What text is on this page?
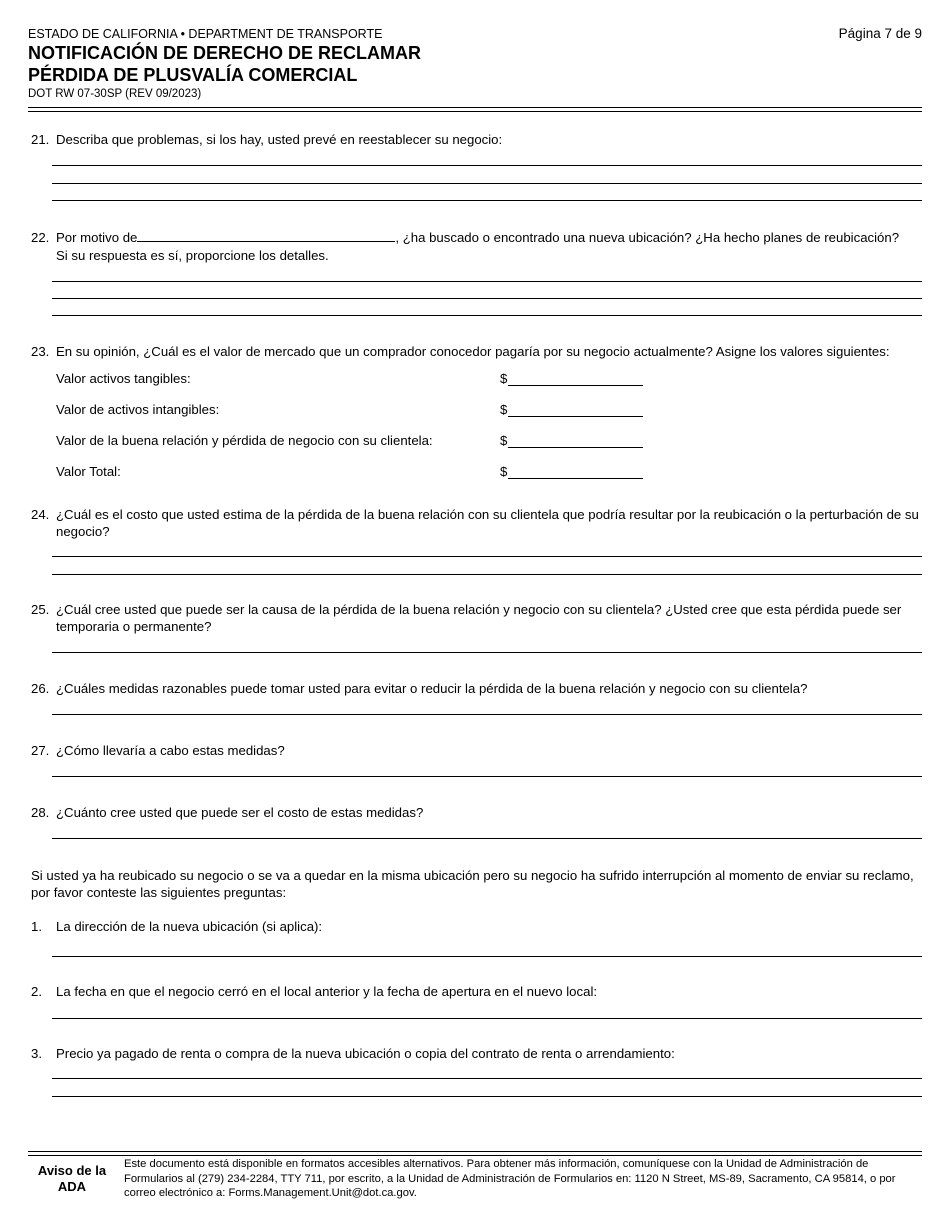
ESTADO DE CALIFORNIA • DEPARTMENT DE TRANSPORTE	Página 7 de 9
NOTIFICACIÓN DE DERECHO DE RECLAMAR
PÉRDIDA DE PLUSVALÍA COMERCIAL
DOT RW 07-30SP (REV 09/2023)
21. Describa que problemas, si los hay, usted prevé en reestablecer su negocio:
22. Por motivo de	, ¿ha buscado o encontrado una nueva ubicación? ¿Ha hecho planes de reubicación?
Si su respuesta es sí, proporcione los detalles.
23. En su opinión, ¿Cuál es el valor de mercado que un comprador conocedor pagaría por su negocio actualmente? Asigne los valores siguientes:
Valor activos tangibles:	$
Valor de activos intangibles:	$
Valor de la buena relación y pérdida de negocio con su clientela:	$
Valor Total:	$
24. ¿Cuál es el costo que usted estima de la pérdida de la buena relación con su clientela que podría resultar por la reubicación o la perturbación de su negocio?
25. ¿Cuál cree usted que puede ser la causa de la pérdida de la buena relación y negocio con su clientela? ¿Usted cree que esta pérdida puede ser temporaria o permanente?
26. ¿Cuáles medidas razonables puede tomar usted para evitar o reducir la pérdida de la buena relación y negocio con su clientela?
27. ¿Cómo llevaría a cabo estas medidas?
28. ¿Cuánto cree usted que puede ser el costo de estas medidas?
Si usted ya ha reubicado su negocio o se va a quedar en la misma ubicación pero su negocio ha sufrido interrupción al momento de enviar su reclamo, por favor conteste las siguientes preguntas:
1. La dirección de la nueva ubicación (si aplica):
2. La fecha en que el negocio cerró en el local anterior y la fecha de apertura en el nuevo local:
3. Precio ya pagado de renta o compra de la nueva ubicación o copia del contrato de renta o arrendamiento:
Aviso de la ADA
Este documento está disponible en formatos accesibles alternativos. Para obtener más información, comuníquese con la Unidad de Administración de Formularios al (279) 234-2284, TTY 711, por escrito, a la Unidad de Administración de Formularios en: 1120 N Street, MS-89, Sacramento, CA 95814, o por correo electrónico a: Forms.Management.Unit@dot.ca.gov.
